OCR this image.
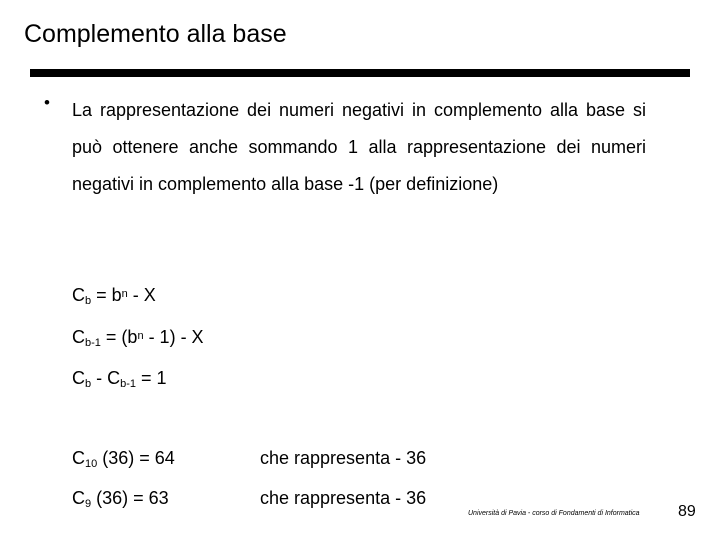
Complemento alla base
• La rappresentazione dei numeri negativi in complemento alla base si può ottenere anche sommando 1 alla rappresentazione dei numeri negativi in complemento alla base -1 (per definizione)
$C_b = b^n - X$
$C_{b-1} = (b^n - 1) - X$
$C_b - C_{b-1} = 1$
$C_{10}$ (36) = 64	che rappresenta - 36
$C_9$ (36) = 63	che rappresenta - 36
Università di Pavia - corso di Fondamenti di Informatica 89
